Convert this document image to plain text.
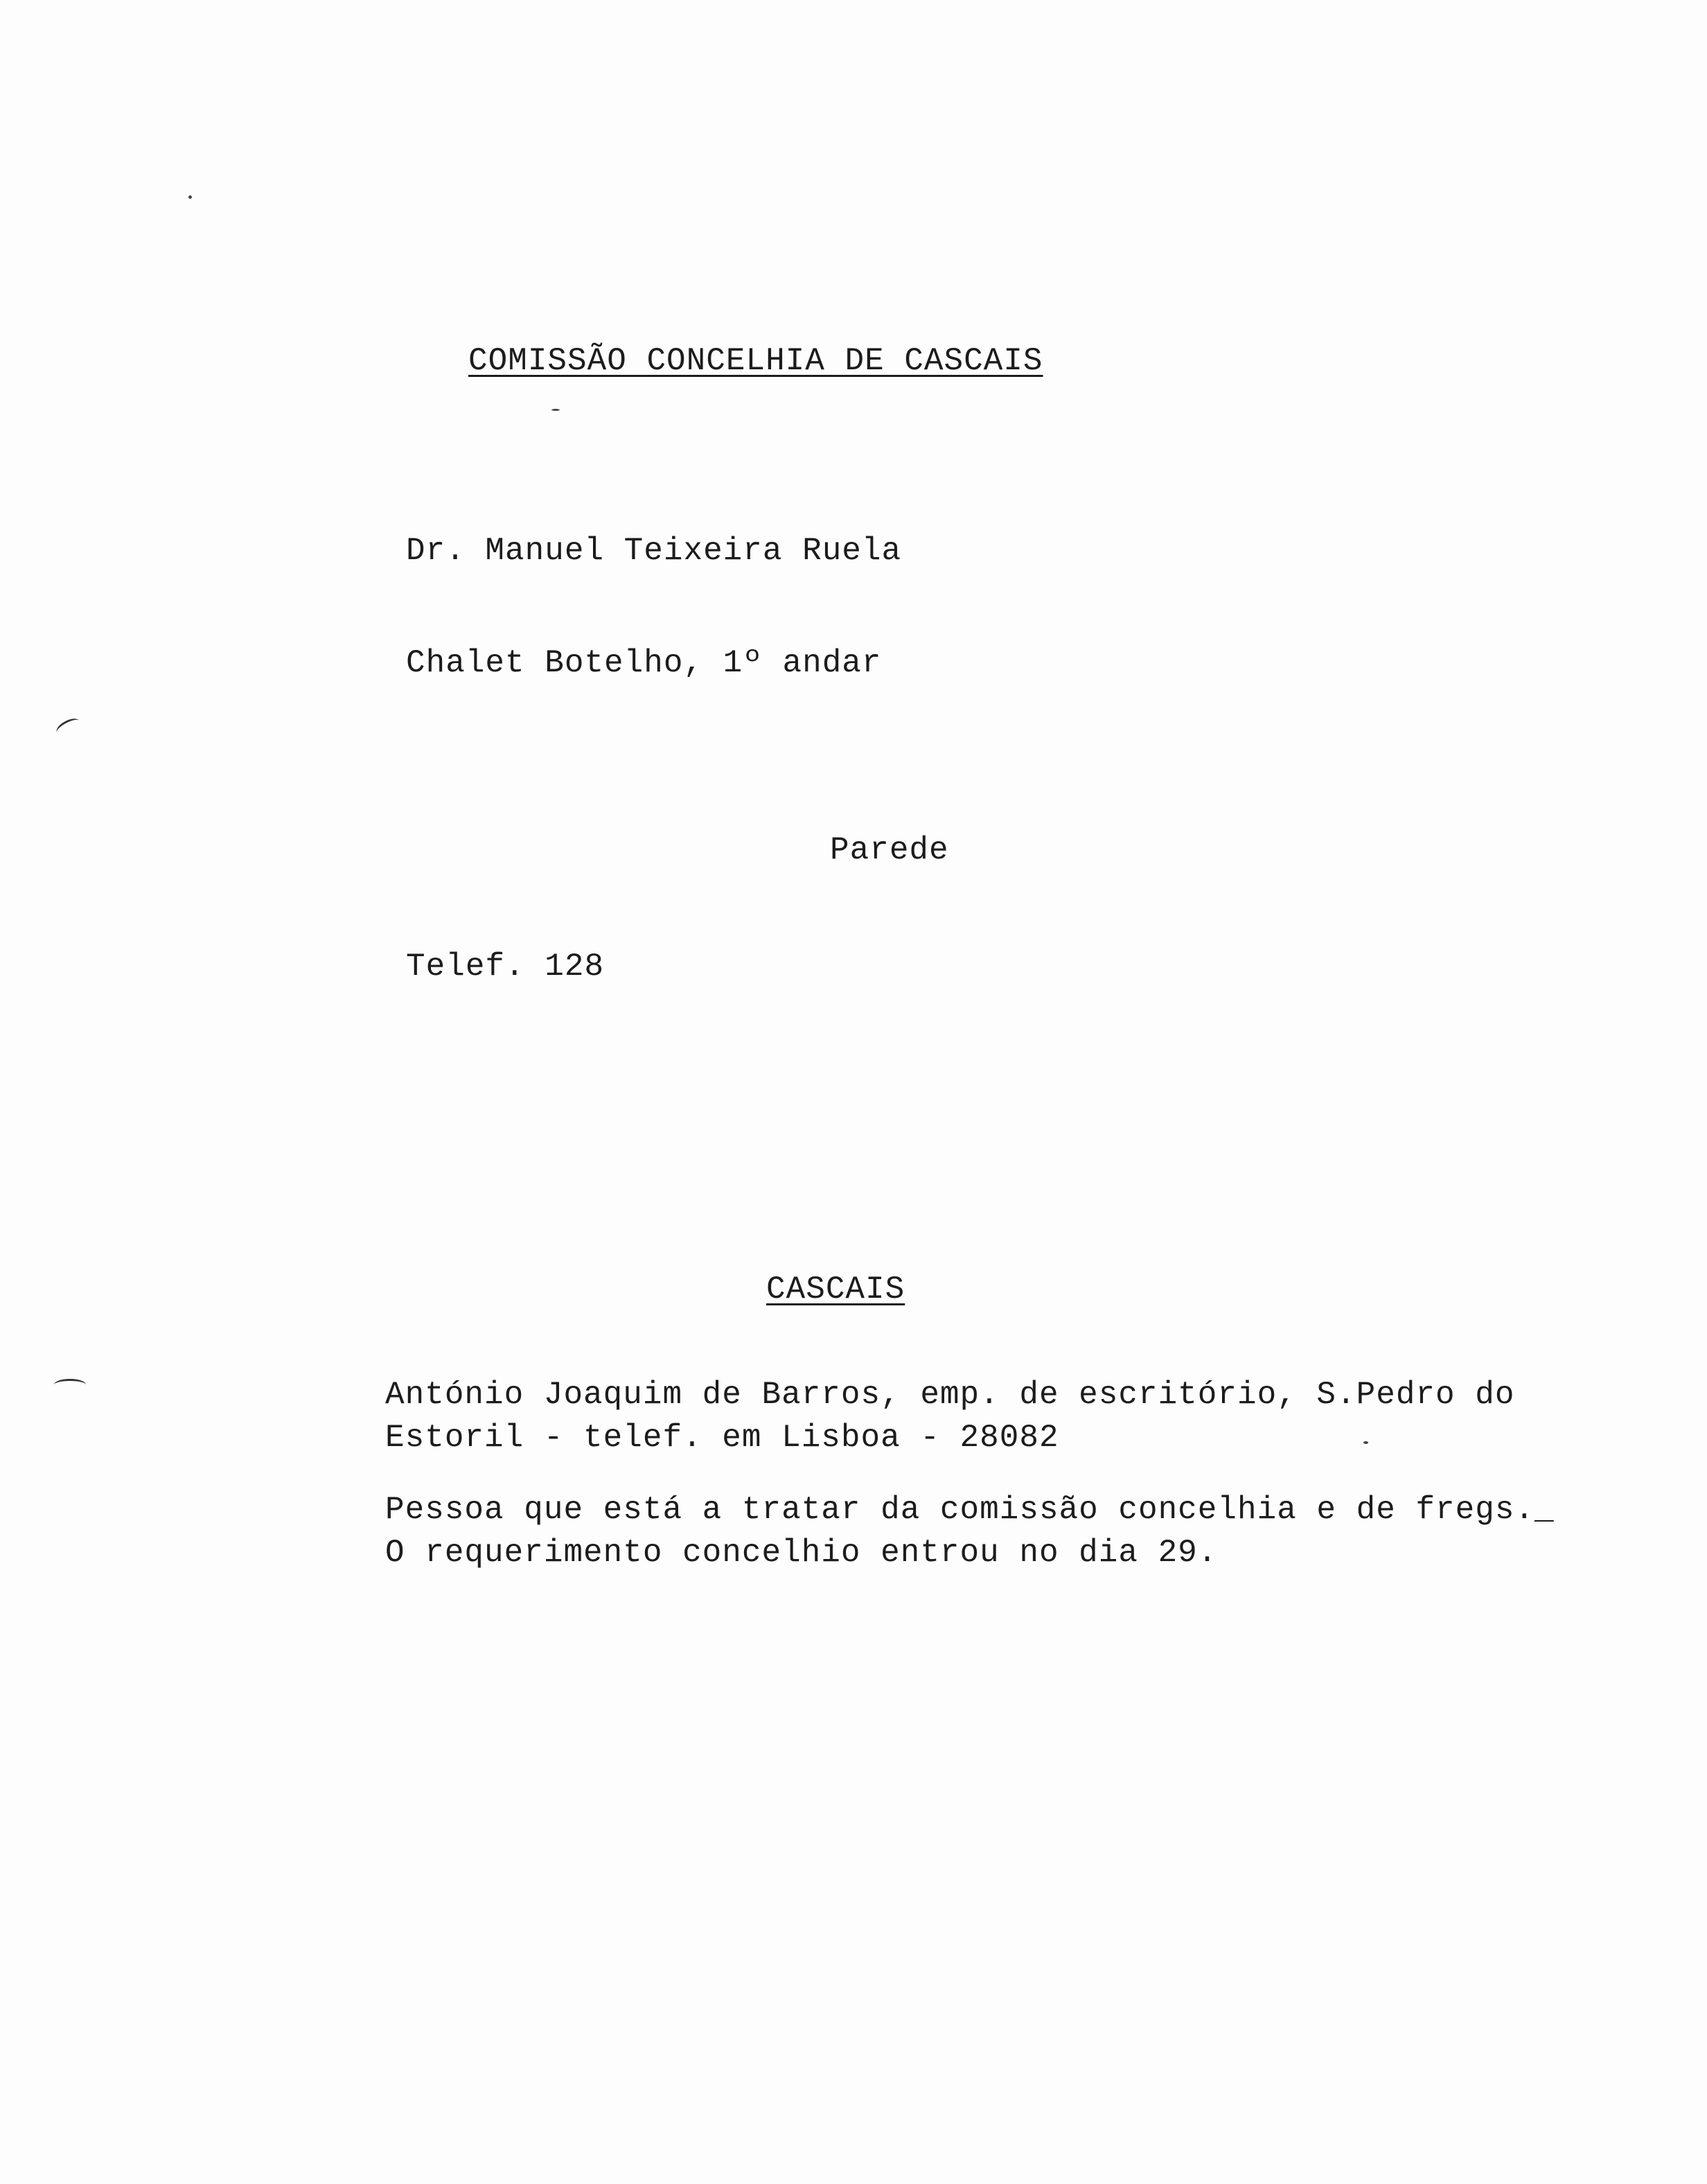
COMISSÃO CONCELHIA DE CASCAIS
Dr. Manuel Teixeira Ruela
Chalet Botelho, 1º andar
Parede
Telef. 128
CASCAIS
António Joaquim de Barros, emp. de escritório, S.Pedro do
Estoril - telef. em Lisboa - 28082
Pessoa que está a tratar da comissão concelhia e de fregs._
O requerimento concelhio entrou no dia 29.
